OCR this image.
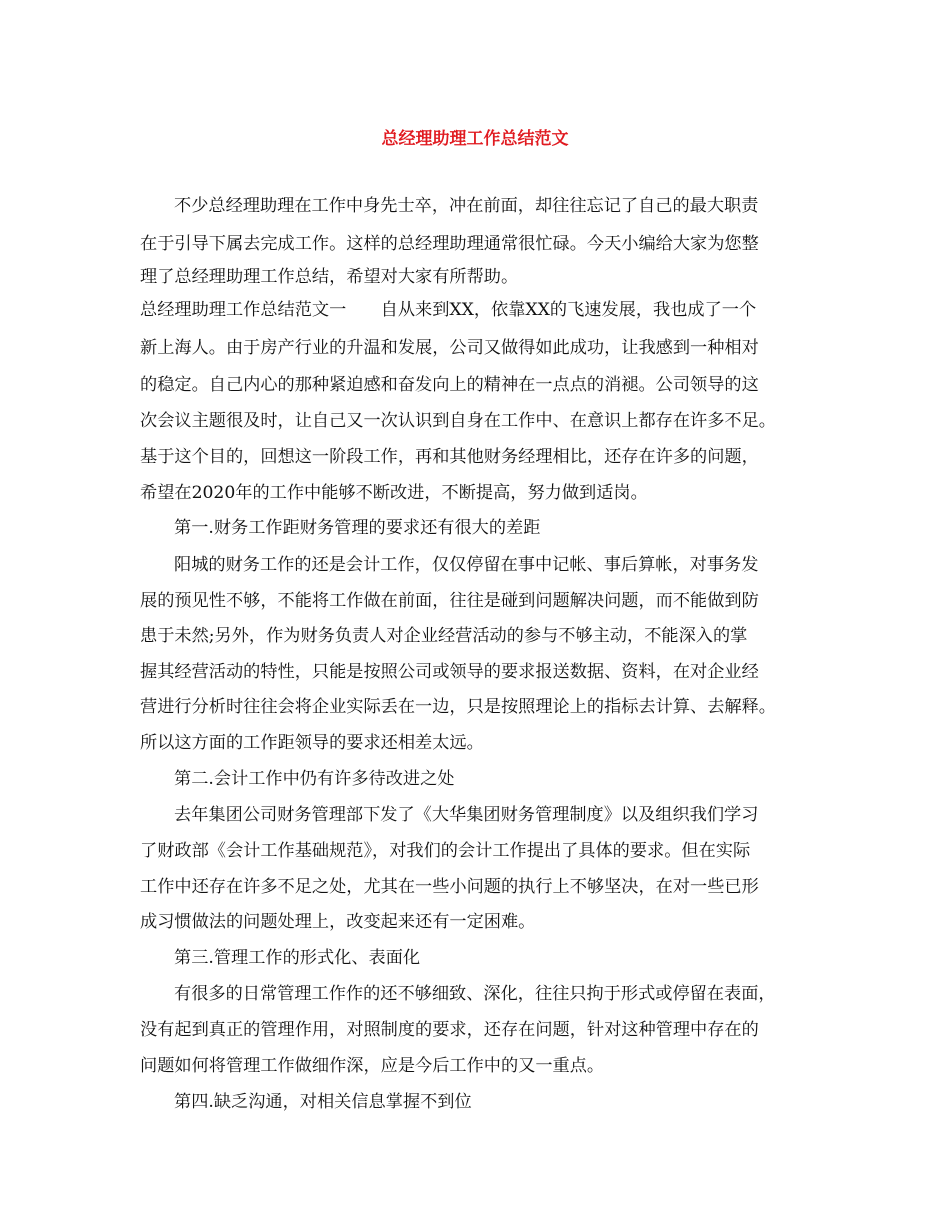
总经理助理工作总结范文
不少总经理助理在工作中身先士卒，冲在前面，却往往忘记了自己的最大职责
在于引导下属去完成工作。这样的总经理助理通常很忙碌。今天小编给大家为您整
理了总经理助理工作总结，希望对大家有所帮助。
总经理助理工作总结范文一　　自从来到XX，依靠XX的飞速发展，我也成了一个
新上海人。由于房产行业的升温和发展，公司又做得如此成功，让我感到一种相对
的稳定。自己内心的那种紧迫感和奋发向上的精神在一点点的消褪。公司领导的这
次会议主题很及时，让自己又一次认识到自身在工作中、在意识上都存在许多不足。
基于这个目的，回想这一阶段工作，再和其他财务经理相比，还存在许多的问题，
希望在2020年的工作中能够不断改进，不断提高，努力做到适岗。
第一.财务工作距财务管理的要求还有很大的差距
阳城的财务工作的还是会计工作，仅仅停留在事中记帐、事后算帐，对事务发
展的预见性不够，不能将工作做在前面，往往是碰到问题解决问题，而不能做到防
患于未然;另外，作为财务负责人对企业经营活动的参与不够主动，不能深入的掌
握其经营活动的特性，只能是按照公司或领导的要求报送数据、资料，在对企业经
营进行分析时往往会将企业实际丢在一边，只是按照理论上的指标去计算、去解释。
所以这方面的工作距领导的要求还相差太远。
第二.会计工作中仍有许多待改进之处
去年集团公司财务管理部下发了《大华集团财务管理制度》以及组织我们学习
了财政部《会计工作基础规范》，对我们的会计工作提出了具体的要求。但在实际
工作中还存在许多不足之处，尤其在一些小问题的执行上不够坚决，在对一些已形
成习惯做法的问题处理上，改变起来还有一定困难。
第三.管理工作的形式化、表面化
有很多的日常管理工作作的还不够细致、深化，往往只拘于形式或停留在表面，
没有起到真正的管理作用，对照制度的要求，还存在问题，针对这种管理中存在的
问题如何将管理工作做细作深，应是今后工作中的又一重点。
第四.缺乏沟通，对相关信息掌握不到位
